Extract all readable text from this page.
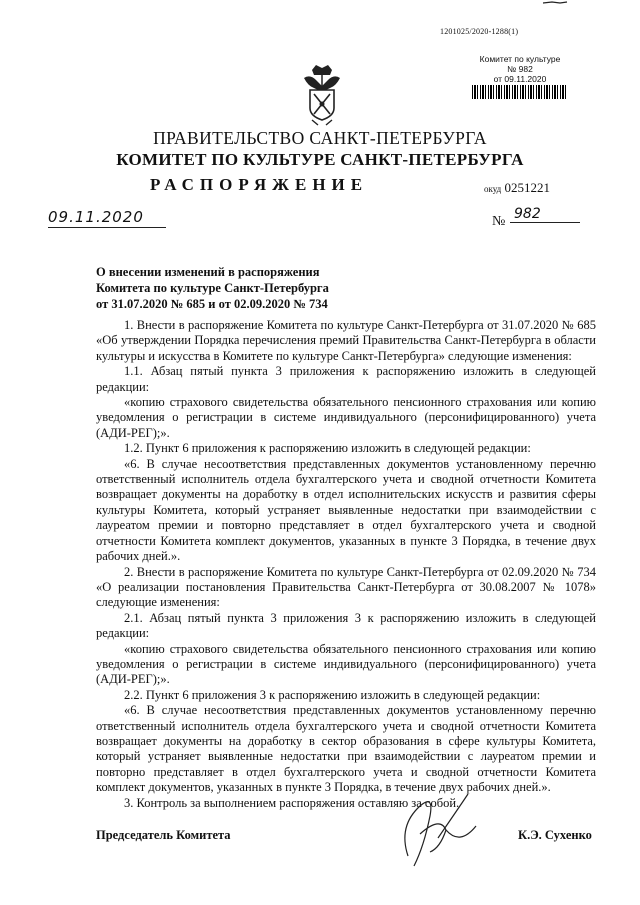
1201025/2020-1288(1)
Комитет по культуре
№ 982
от 09.11.2020
ПРАВИТЕЛЬСТВО САНКТ-ПЕТЕРБУРГА
КОМИТЕТ ПО КУЛЬТУРЕ САНКТ-ПЕТЕРБУРГА
РАСПОРЯЖЕНИЕ	окуд 0251221
09.11.2020	№ 982
О внесении изменений в распоряжения
Комитета по культуре Санкт-Петербурга
от 31.07.2020 № 685 и от 02.09.2020 № 734

1. Внести в распоряжение Комитета по культуре Санкт-Петербурга от 31.07.2020 № 685 «Об утверждении Порядка перечисления премий Правительства Санкт-Петербурга в области культуры и искусства в Комитете по культуре Санкт-Петербурга» следующие изменения:

1.1. Абзац пятый пункта 3 приложения к распоряжению изложить в следующей редакции:

«копию страхового свидетельства обязательного пенсионного страхования или копию уведомления о регистрации в системе индивидуального (персонифицированного) учета (АДИ-РЕГ);».

1.2. Пункт 6 приложения к распоряжению изложить в следующей редакции:

«6. В случае несоответствия представленных документов установленному перечню ответственный исполнитель отдела бухгалтерского учета и сводной отчетности Комитета возвращает документы на доработку в отдел исполнительских искусств и развития сферы культуры Комитета, который устраняет выявленные недостатки при взаимодействии с лауреатом премии и повторно представляет в отдел бухгалтерского учета и сводной отчетности Комитета комплект документов, указанных в пункте 3 Порядка, в течение двух рабочих дней.».

2. Внести в распоряжение Комитета по культуре Санкт-Петербурга от 02.09.2020 № 734 «О реализации постановления Правительства Санкт-Петербурга от 30.08.2007 № 1078» следующие изменения:

2.1. Абзац пятый пункта 3 приложения 3 к распоряжению изложить в следующей редакции:

«копию страхового свидетельства обязательного пенсионного страхования или копию уведомления о регистрации в системе индивидуального (персонифицированного) учета (АДИ-РЕГ);».

2.2. Пункт 6 приложения 3 к распоряжению изложить в следующей редакции:

«6. В случае несоответствия представленных документов установленному перечню ответственный исполнитель отдела бухгалтерского учета и сводной отчетности Комитета возвращает документы на доработку в сектор образования в сфере культуры Комитета, который устраняет выявленные недостатки при взаимодействии с лауреатом премии и повторно представляет в отдел бухгалтерского учета и сводной отчетности Комитета комплект документов, указанных в пункте 3 Порядка, в течение двух рабочих дней.».

3. Контроль за выполнением распоряжения оставляю за собой.

Председатель Комитета	К.Э. Сухенко
